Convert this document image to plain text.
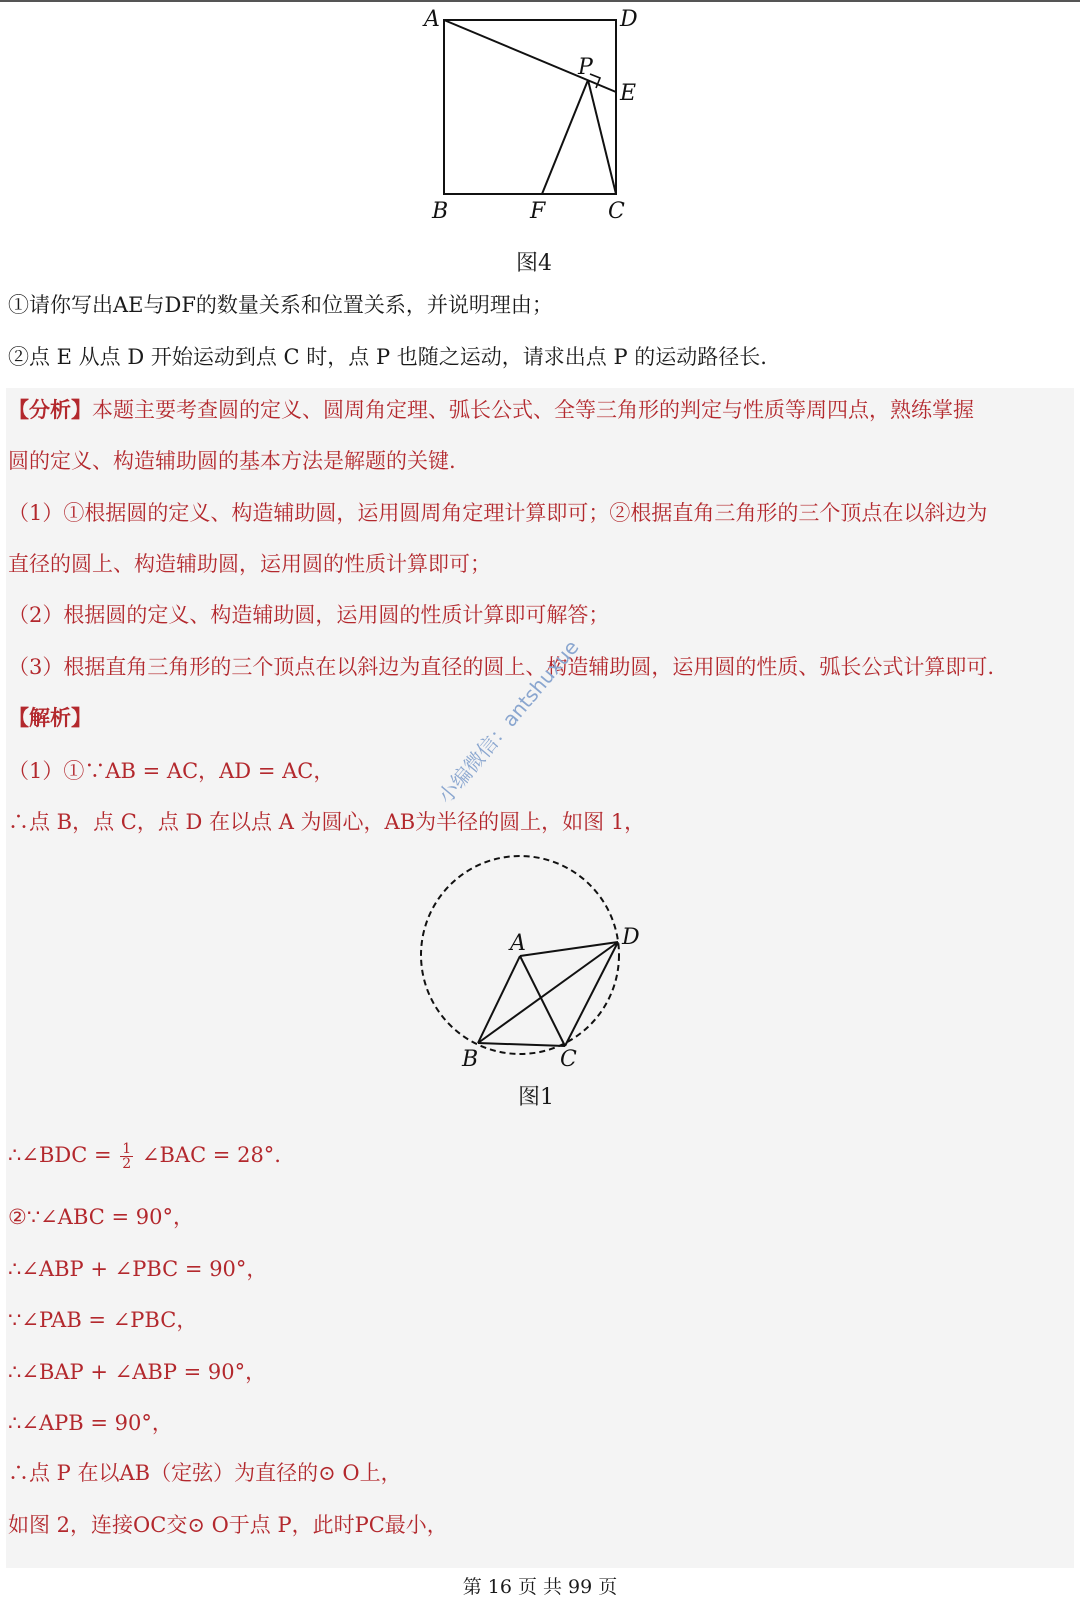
A	D
P
E
B	F	C
图4
①请你写出AE与DF的数量关系和位置关系，并说明理由；
②点 E 从点 D 开始运动到点 C 时，点 P 也随之运动，请求出点 P 的运动路径长.
【分析】本题主要考查圆的定义、圆周角定理、弧长公式、全等三角形的判定与性质等周四点，熟练掌握
圆的定义、构造辅助圆的基本方法是解题的关键.
（1）①根据圆的定义、构造辅助圆，运用圆周角定理计算即可；②根据直角三角形的三个顶点在以斜边为
直径的圆上、构造辅助圆，运用圆的性质计算即可；
（2）根据圆的定义、构造辅助圆，运用圆的性质计算即可解答；
（3）根据直角三角形的三个顶点在以斜边为直径的圆上、构造辅助圆，运用圆的性质、弧长公式计算即可.
【解析】
（1）①∵AB = AC，AD = AC，
∴点 B，点 C，点 D 在以点 A 为圆心，AB为半径的圆上，如图 1，
A	D
B	C
图1
∴∠BDC = $\frac{1}{2}$ ∠BAC = 28°.
②∵∠ABC = 90°，
∴∠ABP + ∠PBC = 90°，
∵∠PAB = ∠PBC，
∴∠BAP + ∠ABP = 90°，
∴∠APB = 90°，
∴点 P 在以AB（定弦）为直径的⊙ O上，
如图 2，连接OC交⊙ O于点 P，此时PC最小，
小编微信：antshuxue
第 16 页 共 99 页
